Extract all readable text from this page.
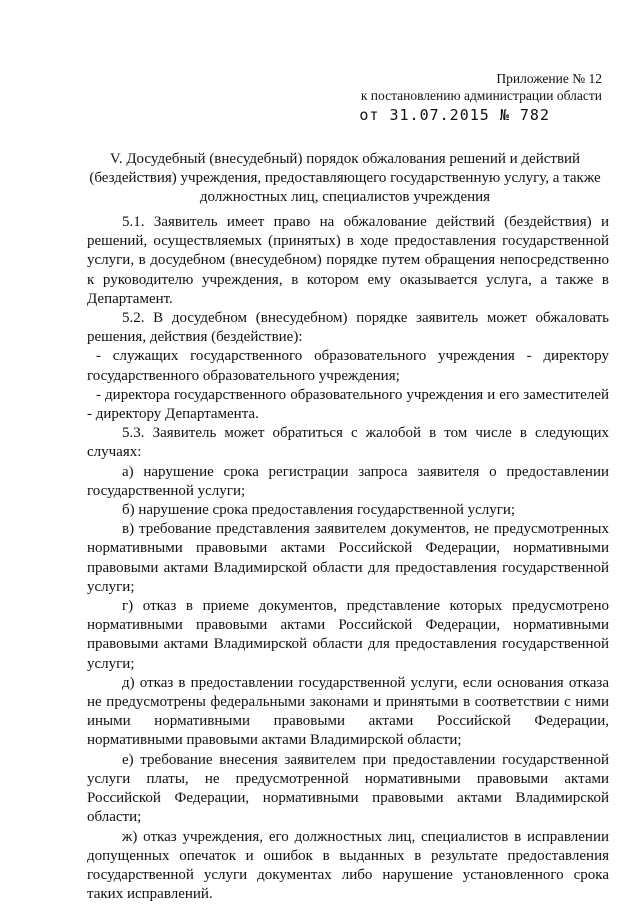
Приложение № 12
к постановлению администрации области
от 31.07.2015 № 782
V. Досудебный (внесудебный) порядок обжалования решений и действий (бездействия) учреждения, предоставляющего государственную услугу, а также должностных лиц, специалистов учреждения

5.1. Заявитель имеет право на обжалование действий (бездействия) и решений, осуществляемых (принятых) в ходе предоставления государственной услуги, в досудебном (внесудебном) порядке путем обращения непосредственно к руководителю учреждения, в котором ему оказывается услуга, а также в Департамент.

5.2. В досудебном (внесудебном) порядке заявитель может обжаловать решения, действия (бездействие):

- служащих государственного образовательного учреждения - директору государственного образовательного учреждения;

- директора государственного образовательного учреждения и его заместителей - директору Департамента.

5.3. Заявитель может обратиться с жалобой в том числе в следующих случаях:

а) нарушение срока регистрации запроса заявителя о предоставлении государственной услуги;

б) нарушение срока предоставления государственной услуги;

в) требование представления заявителем документов, не предусмотренных нормативными правовыми актами Российской Федерации, нормативными правовыми актами Владимирской области для предоставления государственной услуги;

г) отказ в приеме документов, представление которых предусмотрено нормативными правовыми актами Российской Федерации, нормативными правовыми актами Владимирской области для предоставления государственной услуги;

д) отказ в предоставлении государственной услуги, если основания отказа не предусмотрены федеральными законами и принятыми в соответствии с ними иными нормативными правовыми актами Российской Федерации, нормативными правовыми актами Владимирской области;

е) требование внесения заявителем при предоставлении государственной услуги платы, не предусмотренной нормативными правовыми актами Российской Федерации, нормативными правовыми актами Владимирской области;

ж) отказ учреждения, его должностных лиц, специалистов в исправлении допущенных опечаток и ошибок в выданных в результате предоставления государственной услуги документах либо нарушение установленного срока таких исправлений.
